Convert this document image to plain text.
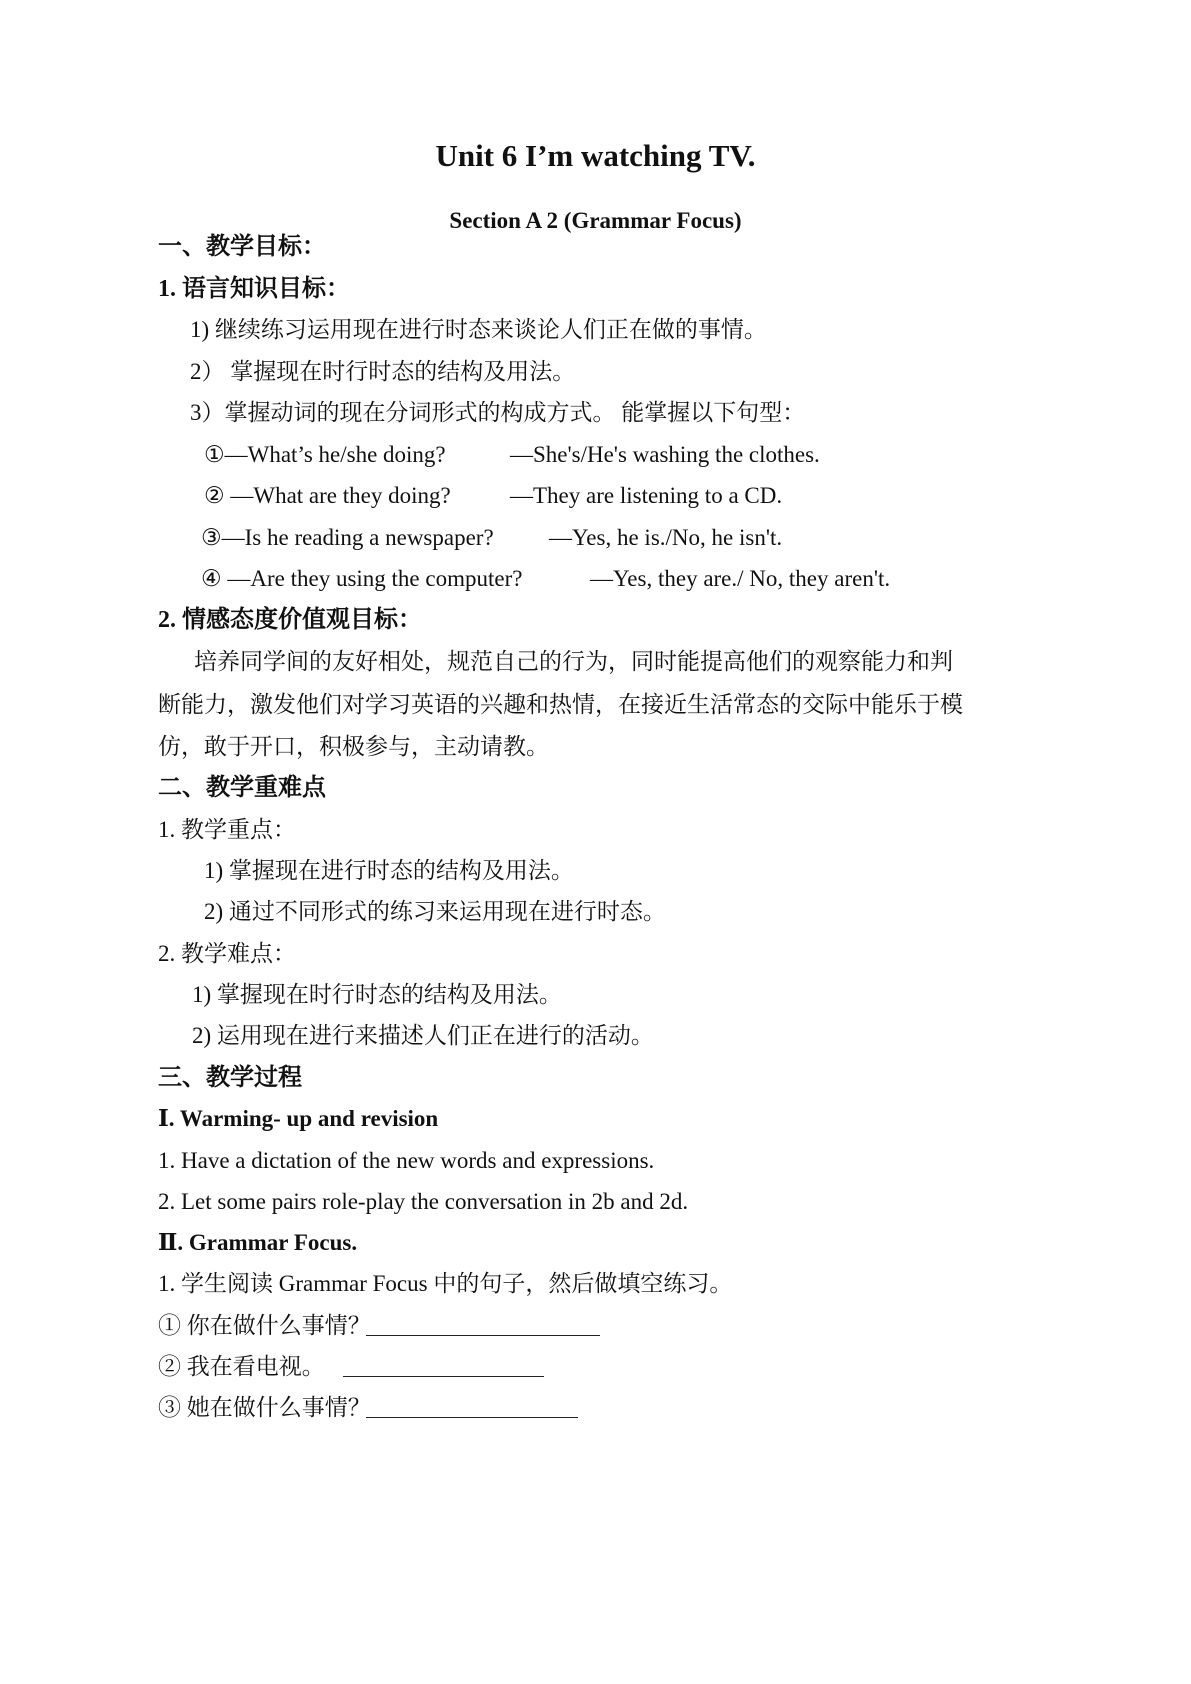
Unit 6 I’m watching TV.
Section A 2 (Grammar Focus)
一、教学目标：
1. 语言知识目标：
1) 继续练习运用现在进行时态来谈论人们正在做的事情。
2） 掌握现在时行时态的结构及用法。
3）掌握动词的现在分词形式的构成方式。 能掌握以下句型：
①—What’s he/she doing?	—She's/He's washing the clothes.
② —What are they doing?	—They are listening to a CD.
③—Is he reading a newspaper? —Yes, he is./No, he isn't.
④ —Are they using the computer?	—Yes, they are./ No, they aren't.
2. 情感态度价值观目标：
培养同学间的友好相处，规范自己的行为，同时能提高他们的观察能力和判
断能力，激发他们对学习英语的兴趣和热情，在接近生活常态的交际中能乐于模
仿，敢于开口，积极参与，主动请教。
二、教学重难点
1. 教学重点：
1) 掌握现在进行时态的结构及用法。
2) 通过不同形式的练习来运用现在进行时态。
2. 教学难点：
1) 掌握现在时行时态的结构及用法。
2) 运用现在进行来描述人们正在进行的活动。
三、教学过程
Ⅰ. Warming- up and revision
1. Have a dictation of the new words and expressions.
2. Let some pairs role-play the conversation in 2b and 2d.
Ⅱ. Grammar Focus.
1. 学生阅读 Grammar Focus 中的句子，然后做填空练习。
① 你在做什么事情？
② 我在看电视。
③ 她在做什么事情？
